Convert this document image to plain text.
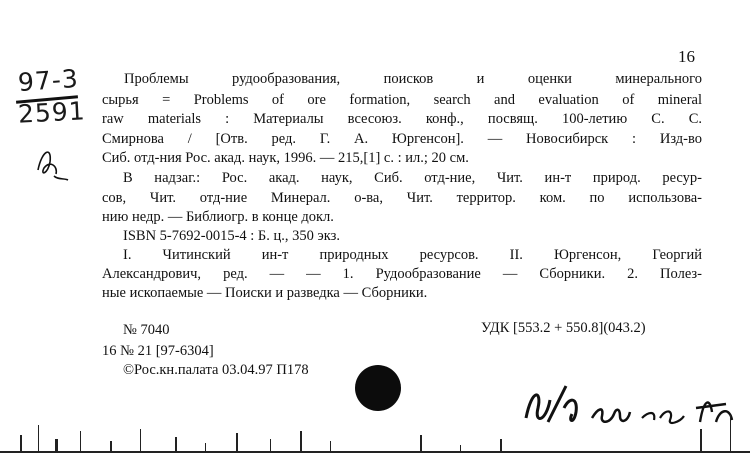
16
97-3
2591
Проблемы рудообразования, поисков и оценки минерального
сырья = Problems of ore formation, search and evaluation of mineral
raw materials : Материалы всесоюз. конф., посвящ. 100-летию С. С.
Смирнова / [Отв. ред. Г. А. Юргенсон]. — Новосибирск : Изд-во
Сиб. отд-ния Рос. акад. наук, 1996. — 215,[1] с. : ил.; 20 см.
В надзаг.: Рос. акад. наук, Сиб. отд-ние, Чит. ин-т природ. ресур-
сов, Чит. отд-ние Минерал. о-ва, Чит. территор. ком. по использова-
нию недр. — Библиогр. в конце докл.
ISBN 5-7692-0015-4 : Б. ц., 350 экз.
I. Читинский ин-т природных ресурсов. II. Юргенсон, Георгий
Александрович, ред. — — 1. Рудообразование — Сборники. 2. Полез-
ные ископаемые — Поиски и разведка — Сборники.
№ 7040	УДК [553.2 + 550.8](043.2)
16 № 21 [97-6304]
©Рос.кн.палата 03.04.97 П178
